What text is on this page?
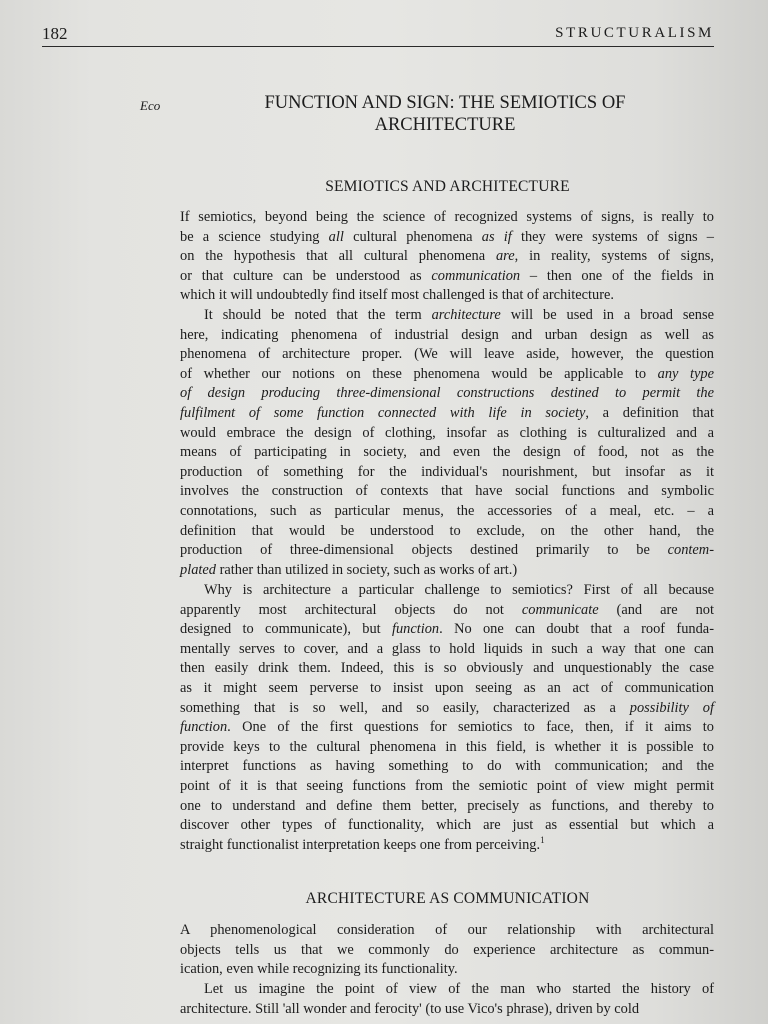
182	STRUCTURALISM
Eco	FUNCTION AND SIGN: THE SEMIOTICS OF ARCHITECTURE
SEMIOTICS AND ARCHITECTURE
If semiotics, beyond being the science of recognized systems of signs, is really to
be a science studying all cultural phenomena as if they were systems of signs –
on the hypothesis that all cultural phenomena are, in reality, systems of signs,
or that culture can be understood as communication – then one of the fields in
which it will undoubtedly find itself most challenged is that of architecture.
It should be noted that the term architecture will be used in a broad sense
here, indicating phenomena of industrial design and urban design as well as
phenomena of architecture proper. (We will leave aside, however, the question
of whether our notions on these phenomena would be applicable to any type
of design producing three-dimensional constructions destined to permit the
fulfilment of some function connected with life in society, a definition that
would embrace the design of clothing, insofar as clothing is culturalized and a
means of participating in society, and even the design of food, not as the
production of something for the individual's nourishment, but insofar as it
involves the construction of contexts that have social functions and symbolic
connotations, such as particular menus, the accessories of a meal, etc. – a
definition that would be understood to exclude, on the other hand, the
production of three-dimensional objects destined primarily to be contem-
plated rather than utilized in society, such as works of art.)
Why is architecture a particular challenge to semiotics? First of all because
apparently most architectural objects do not communicate (and are not
designed to communicate), but function. No one can doubt that a roof funda-
mentally serves to cover, and a glass to hold liquids in such a way that one can
then easily drink them. Indeed, this is so obviously and unquestionably the case
as it might seem perverse to insist upon seeing as an act of communication
something that is so well, and so easily, characterized as a possibility of
function. One of the first questions for semiotics to face, then, if it aims to
provide keys to the cultural phenomena in this field, is whether it is possible to
interpret functions as having something to do with communication; and the
point of it is that seeing functions from the semiotic point of view might permit
one to understand and define them better, precisely as functions, and thereby to
discover other types of functionality, which are just as essential but which a
straight functionalist interpretation keeps one from perceiving.$^1$
ARCHITECTURE AS COMMUNICATION
A phenomenological consideration of our relationship with architectural
objects tells us that we commonly do experience architecture as commun-
ication, even while recognizing its functionality.
Let us imagine the point of view of the man who started the history of
architecture. Still 'all wonder and ferocity' (to use Vico's phrase), driven by cold
